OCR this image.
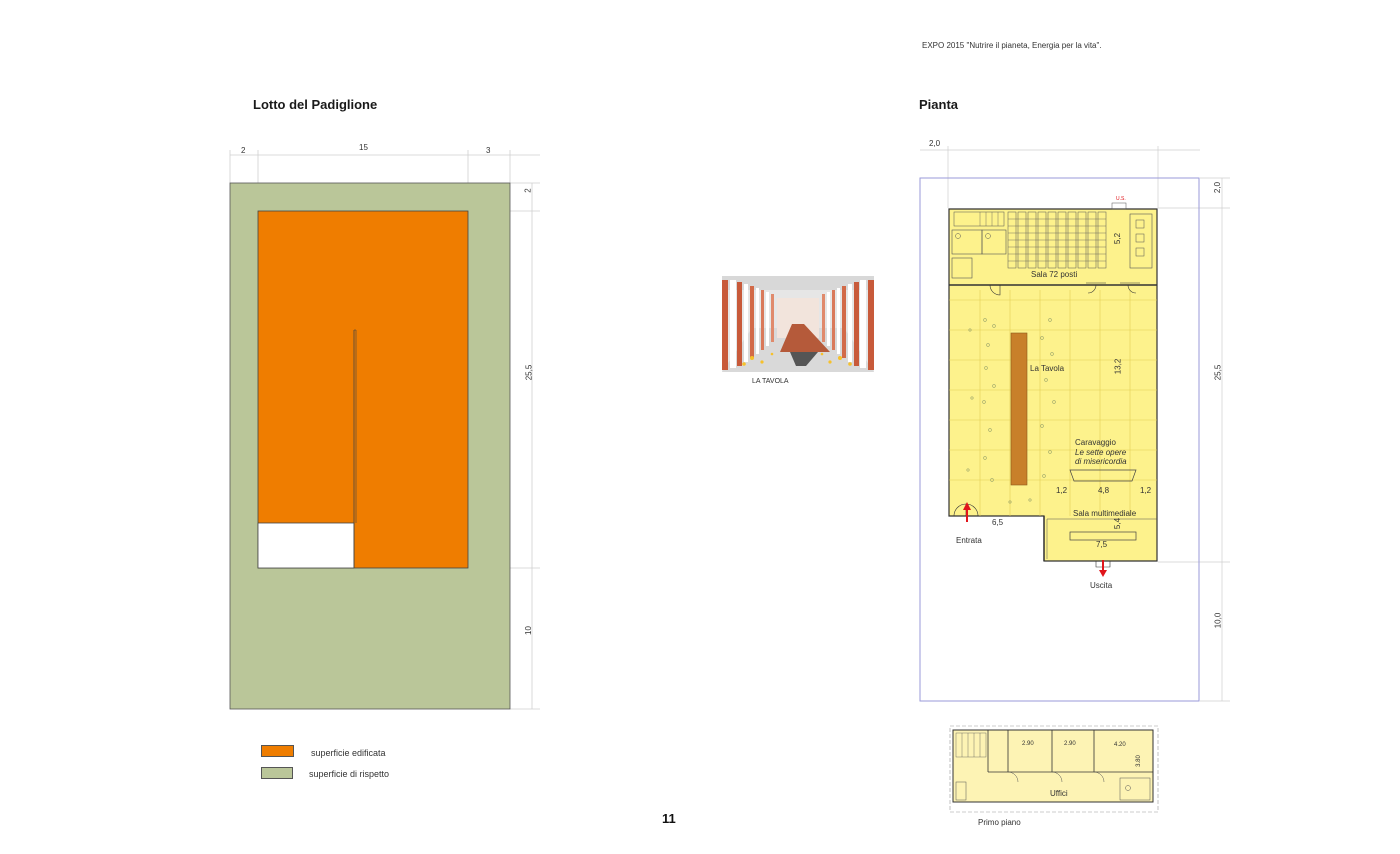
EXPO 2015 "Nutrire il pianeta, Energia per la vita".
Lotto del Padiglione
2	15	3
2
25,5
10
superficie edificata
superficie di rispetto
LA TAVOLA
Pianta
2,0
2,0
25,5
10,0
U.S.
Sala 72 posti
5,2
La Tavola	13,2
Caravaggio
Le sette opere
di misericordia
1,2	4,8	1,2
Sala multimediale
5,4
7,5
6,5
Entrata
Uscita
2.90	2.90	4.20
3.80
Uffici
Primo piano
11
